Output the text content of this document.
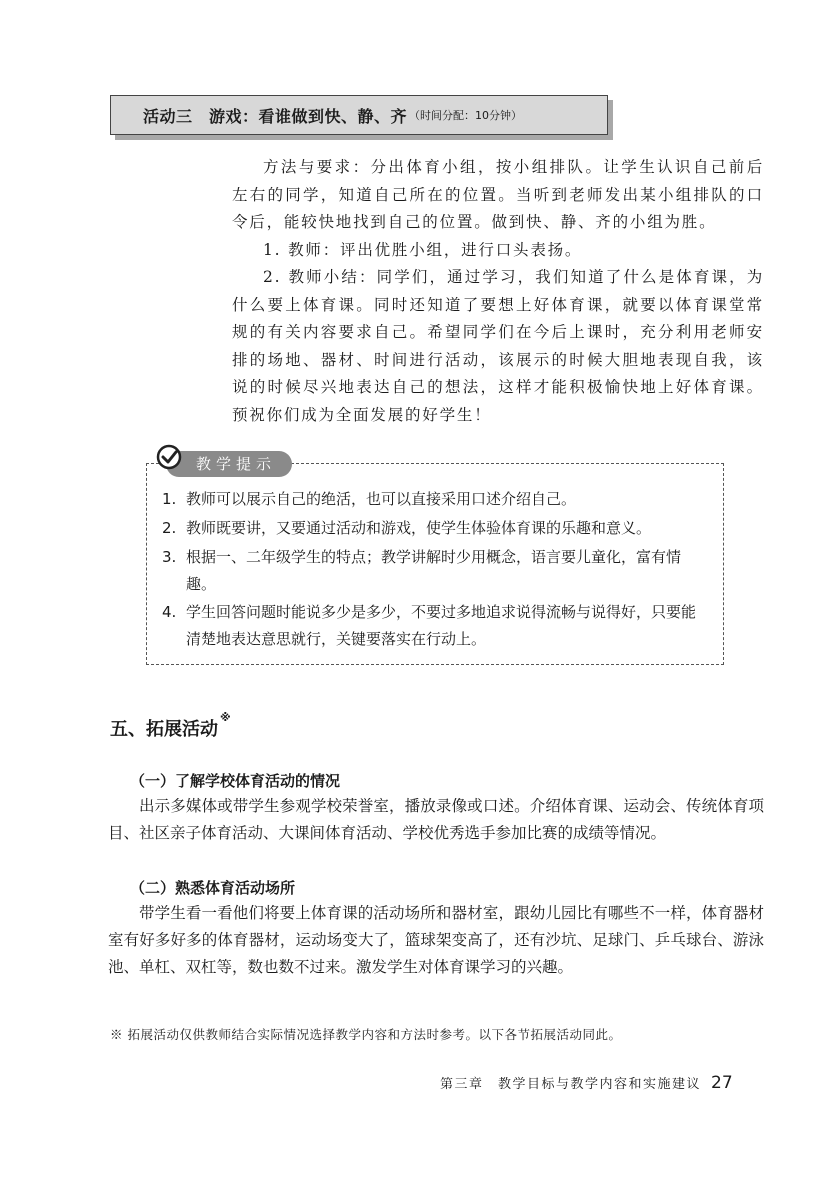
活动三　游戏：看谁做到快、静、齐 （时间分配：10分钟）

方法与要求：分出体育小组，按小组排队。让学生认识自己前后左右的同学，知道自己所在的位置。当听到老师发出某小组排队的口令后，能较快地找到自己的位置。做到快、静、齐的小组为胜。

1. 教师：评出优胜小组，进行口头表扬。

2. 教师小结：同学们，通过学习，我们知道了什么是体育课，为什么要上体育课。同时还知道了要想上好体育课，就要以体育课堂常规的有关内容要求自己。希望同学们在今后上课时，充分利用老师安排的场地、器材、时间进行活动，该展示的时候大胆地表现自我，该说的时候尽兴地表达自己的想法，这样才能积极愉快地上好体育课。预祝你们成为全面发展的好学生！

教学提示
1. 教师可以展示自己的绝活，也可以直接采用口述介绍自己。
2. 教师既要讲，又要通过活动和游戏，使学生体验体育课的乐趣和意义。
3. 根据一、二年级学生的特点；教学讲解时少用概念，语言要儿童化，富有情趣。
4. 学生回答问题时能说多少是多少，不要过多地追求说得流畅与说得好，只要能清楚地表达意思就行，关键要落实在行动上。
五、拓展活动※
（一）了解学校体育活动的情况

出示多媒体或带学生参观学校荣誉室，播放录像或口述。介绍体育课、运动会、传统体育项目、社区亲子体育活动、大课间体育活动、学校优秀选手参加比赛的成绩等情况。

（二）熟悉体育活动场所

带学生看一看他们将要上体育课的活动场所和器材室，跟幼儿园比有哪些不一样，体育器材室有好多好多的体育器材，运动场变大了，篮球架变高了，还有沙坑、足球门、乒乓球台、游泳池、单杠、双杠等，数也数不过来。激发学生对体育课学习的兴趣。

※ 拓展活动仅供教师结合实际情况选择教学内容和方法时参考。以下各节拓展活动同此。
第三章　教学目标与教学内容和实施建议 27
